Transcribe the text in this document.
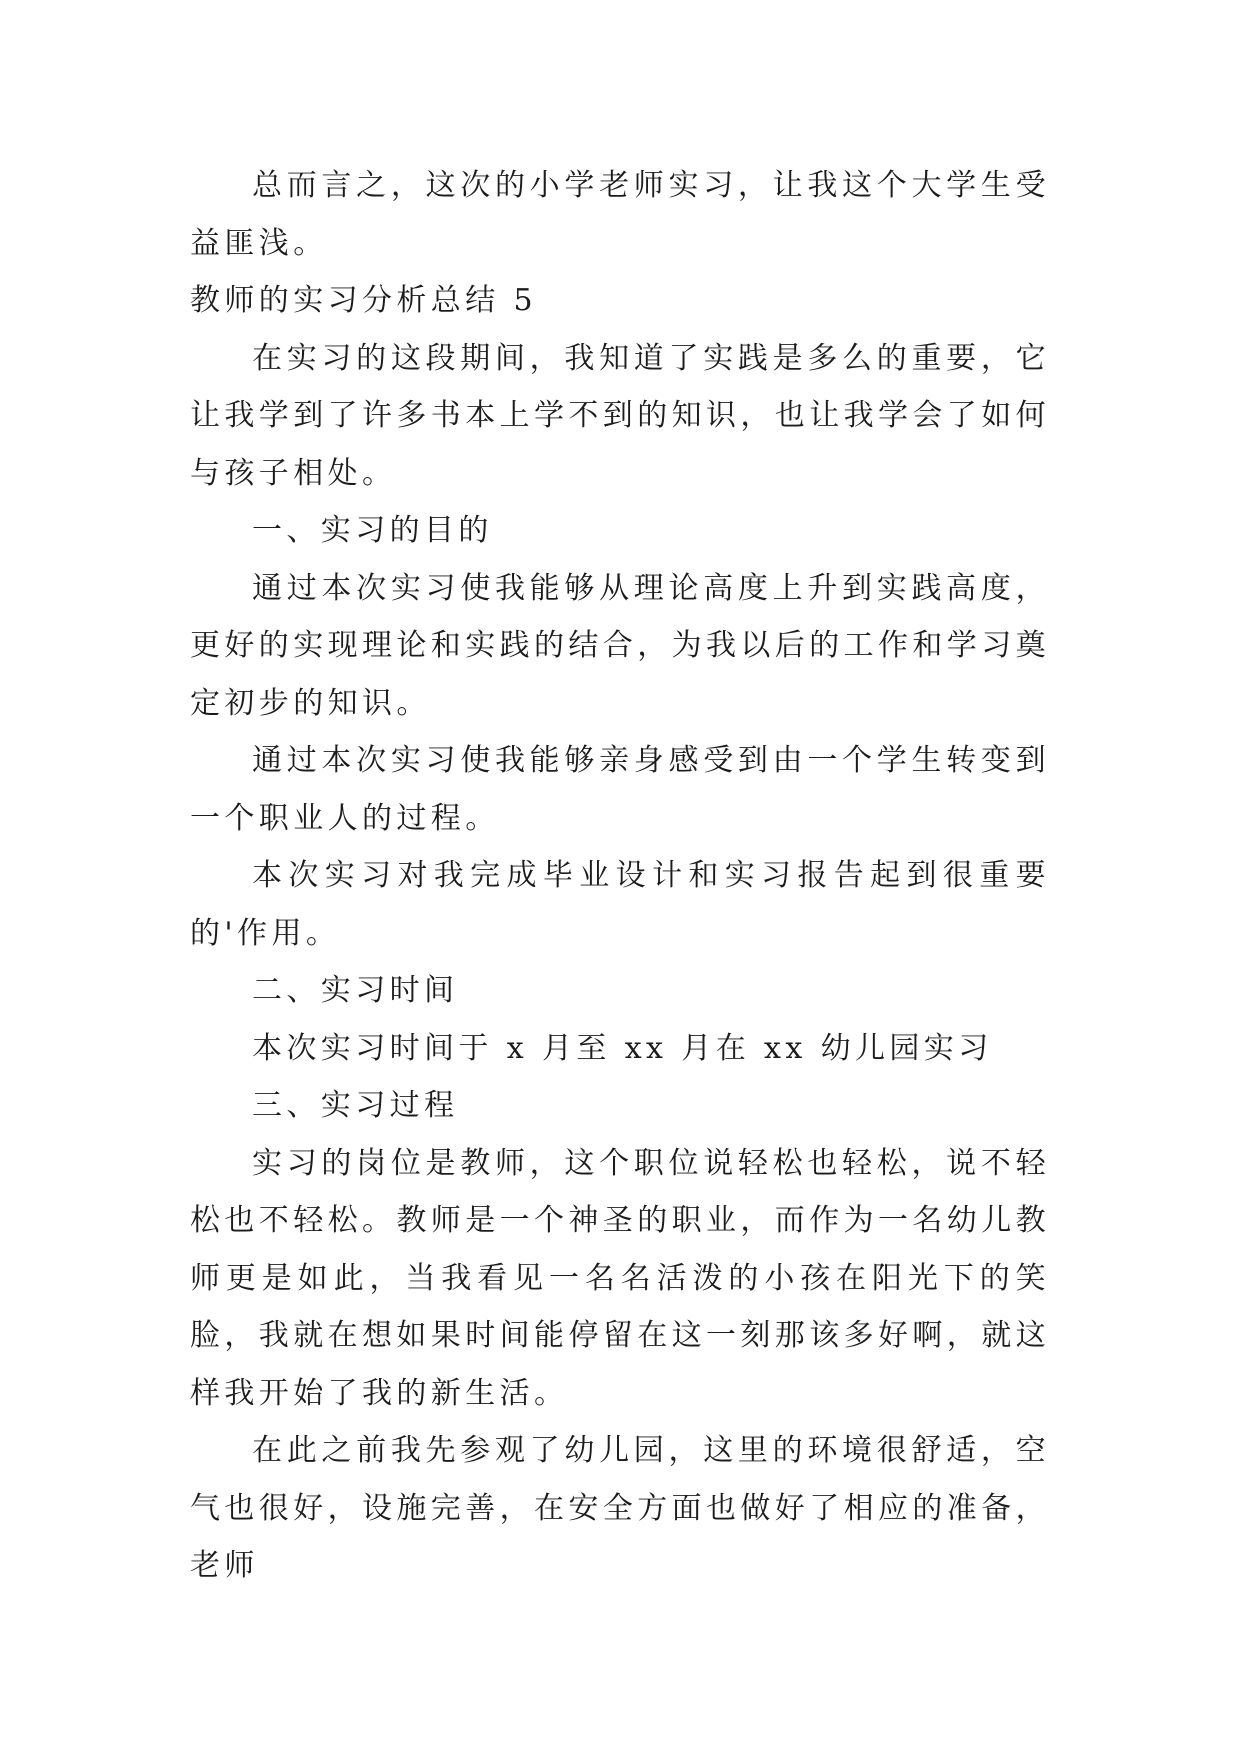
总而言之，这次的小学老师实习，让我这个大学生受益匪浅。

教师的实习分析总结 5

在实习的这段期间，我知道了实践是多么的重要，它让我学到了许多书本上学不到的知识，也让我学会了如何与孩子相处。

一、实习的目的

通过本次实习使我能够从理论高度上升到实践高度，更好的实现理论和实践的结合，为我以后的工作和学习奠定初步的知识。

通过本次实习使我能够亲身感受到由一个学生转变到一个职业人的过程。

本次实习对我完成毕业设计和实习报告起到很重要的'作用。

二、实习时间

本次实习时间于 x 月至 xx 月在 xx 幼儿园实习

三、实习过程

实习的岗位是教师，这个职位说轻松也轻松，说不轻松也不轻松。教师是一个神圣的职业，而作为一名幼儿教师更是如此，当我看见一名名活泼的小孩在阳光下的笑脸，我就在想如果时间能停留在这一刻那该多好啊，就这样我开始了我的新生活。

在此之前我先参观了幼儿园，这里的环境很舒适，空气也很好，设施完善，在安全方面也做好了相应的准备，老师
